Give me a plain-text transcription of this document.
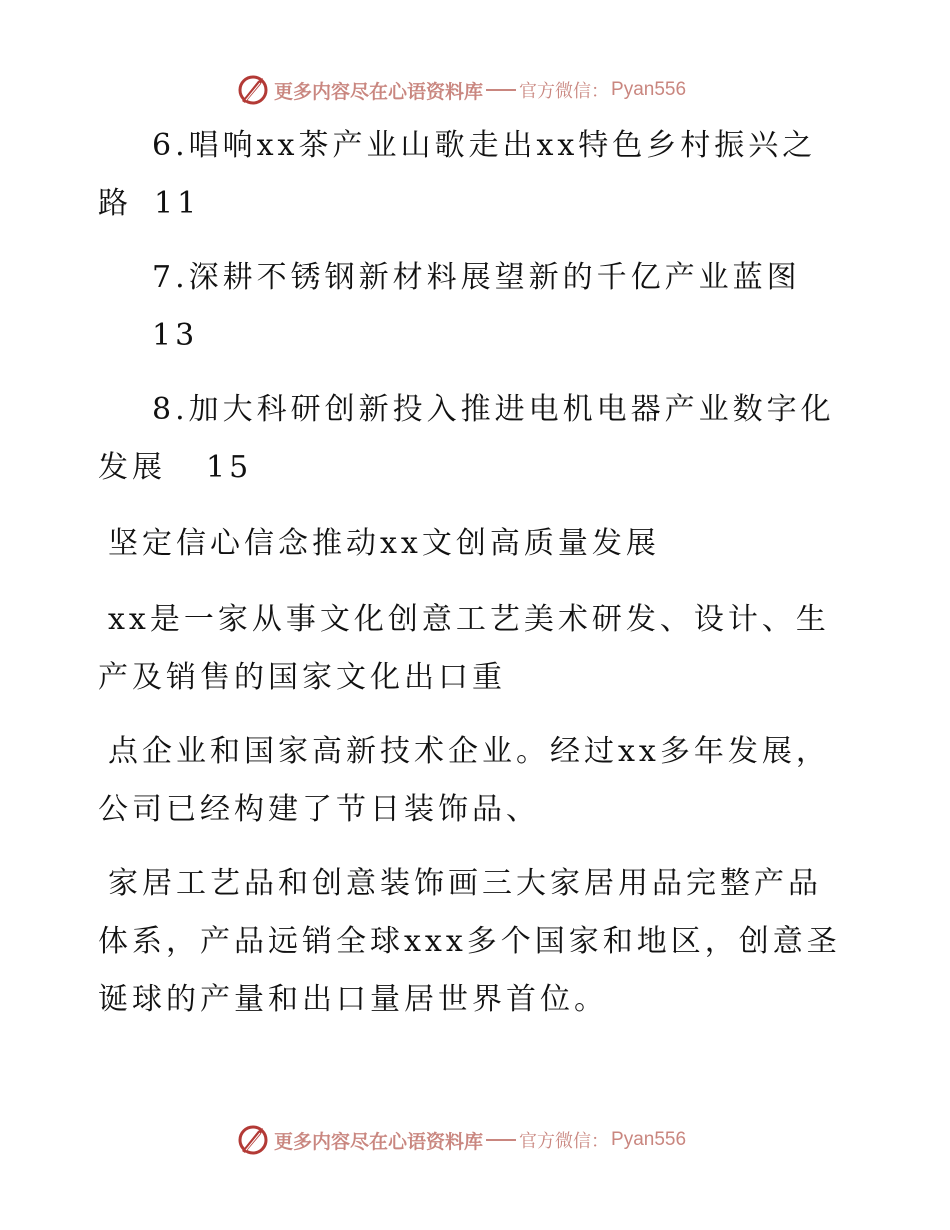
更多内容尽在心语资料库 官方微信： Pyan556
6.唱响xx茶产业山歌走出xx特色乡村振兴之
路 11
7.深耕不锈钢新材料展望新的千亿产业蓝图
13
8.加大科研创新投入推进电机电器产业数字化
发展 15
坚定信心信念推动xx文创高质量发展
xx是一家从事文化创意工艺美术研发、设计、生
产及销售的国家文化出口重
点企业和国家高新技术企业。经过xx多年发展，
公司已经构建了节日装饰品、
家居工艺品和创意装饰画三大家居用品完整产品
体系，产品远销全球xxx多个国家和地区，创意圣
诞球的产量和出口量居世界首位。
更多内容尽在心语资料库 官方微信： Pyan556
